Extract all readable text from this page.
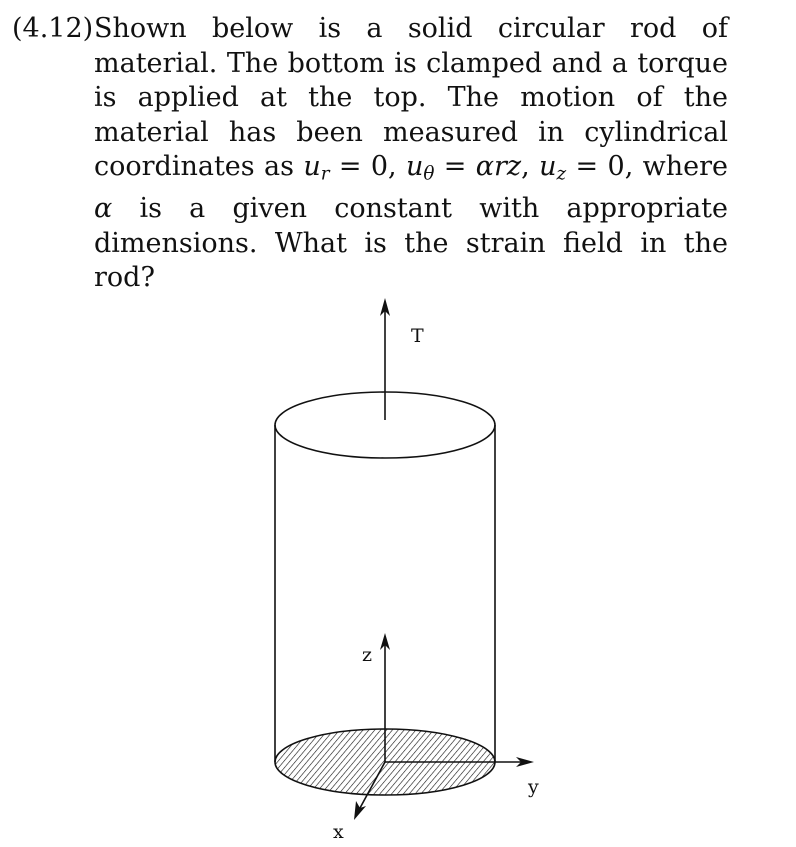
(4.12) Shown below is a solid circular rod of material. The bottom is clamped and a torque is applied at the top. The motion of the material has been measured in cylindrical coordinates as $u_r = 0$, $u_\theta = \alpha rz$, $u_z = 0$, where α is a given constant with appropriate dimensions. What is the strain field in the rod?
T
z
y
x
